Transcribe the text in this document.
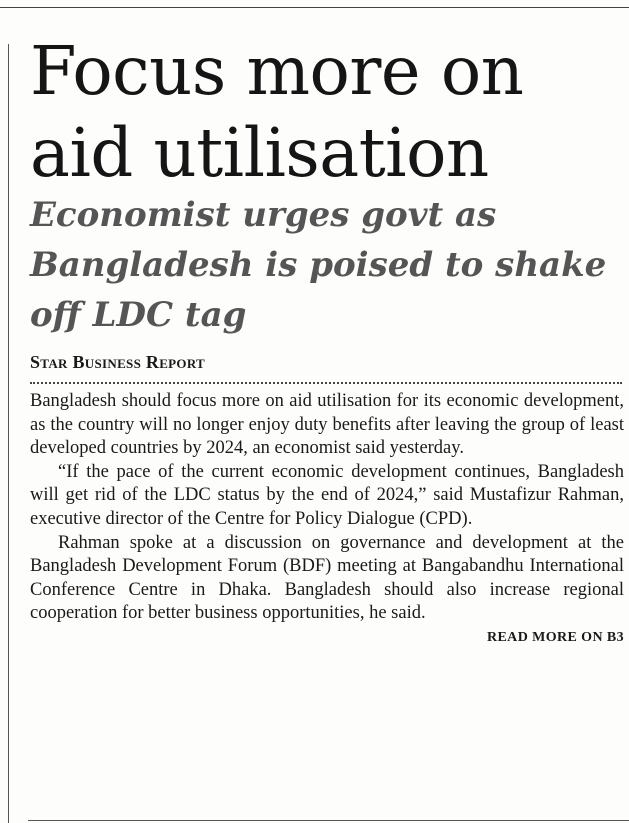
Focus more on aid utilisation
Economist urges govt as Bangladesh is poised to shake off LDC tag
Star Business Report

Bangladesh should focus more on aid utilisation for its economic development, as the country will no longer enjoy duty benefits after leaving the group of least developed countries by 2024, an economist said yesterday.

“If the pace of the current economic development continues, Bangladesh will get rid of the LDC status by the end of 2024,” said Mustafizur Rahman, executive director of the Centre for Policy Dialogue (CPD).

Rahman spoke at a discussion on governance and development at the Bangladesh Development Forum (BDF) meeting at Bangabandhu International Conference Centre in Dhaka. Bangladesh should also increase regional cooperation for better business opportunities, he said.

READ MORE ON B3
